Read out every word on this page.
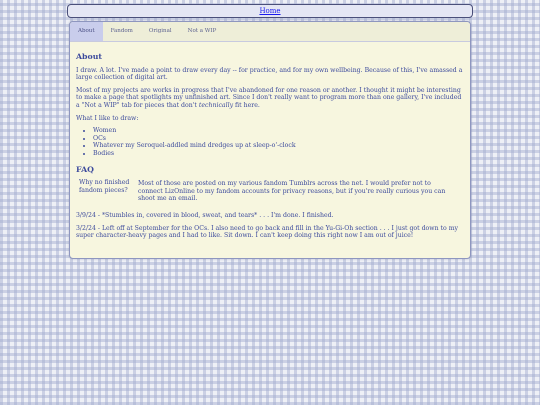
Home
About	Fandom	Original	Not a WIP
About

I draw. A lot. I've made a point to draw every day -- for practice, and for my own wellbeing. Because of this, I've amassed a large collection of digital art.

Most of my projects are works in progress that I've abandoned for one reason or another. I thought it might be interesting to make a page that spotlights my unfinished art. Since I don't really want to program more than one gallery, I've included a "Not a WIP" tab for pieces that don't technically fit here.

What I like to draw:

• Women
• OCs
• Whatever my Seroquel-addled mind dredges up at sleep-o'-clock
• Bodies
FAQ
Why no finished fandom pieces?	Most of those are posted on my various fandom Tumblrs across the net. I would prefer not to connect LizOnline to my fandom accounts for privacy reasons, but if you're really curious you can shoot me an email.

3/9/24 - *Stumbles in, covered in blood, sweat, and tears* . . . I'm done. I finished.

3/2/24 - Left off at September for the OCs. I also need to go back and fill in the Yu-Gi-Oh section . . . I just got down to my super character-heavy pages and I had to like. Sit down. I can't keep doing this right now I am out of juice!
